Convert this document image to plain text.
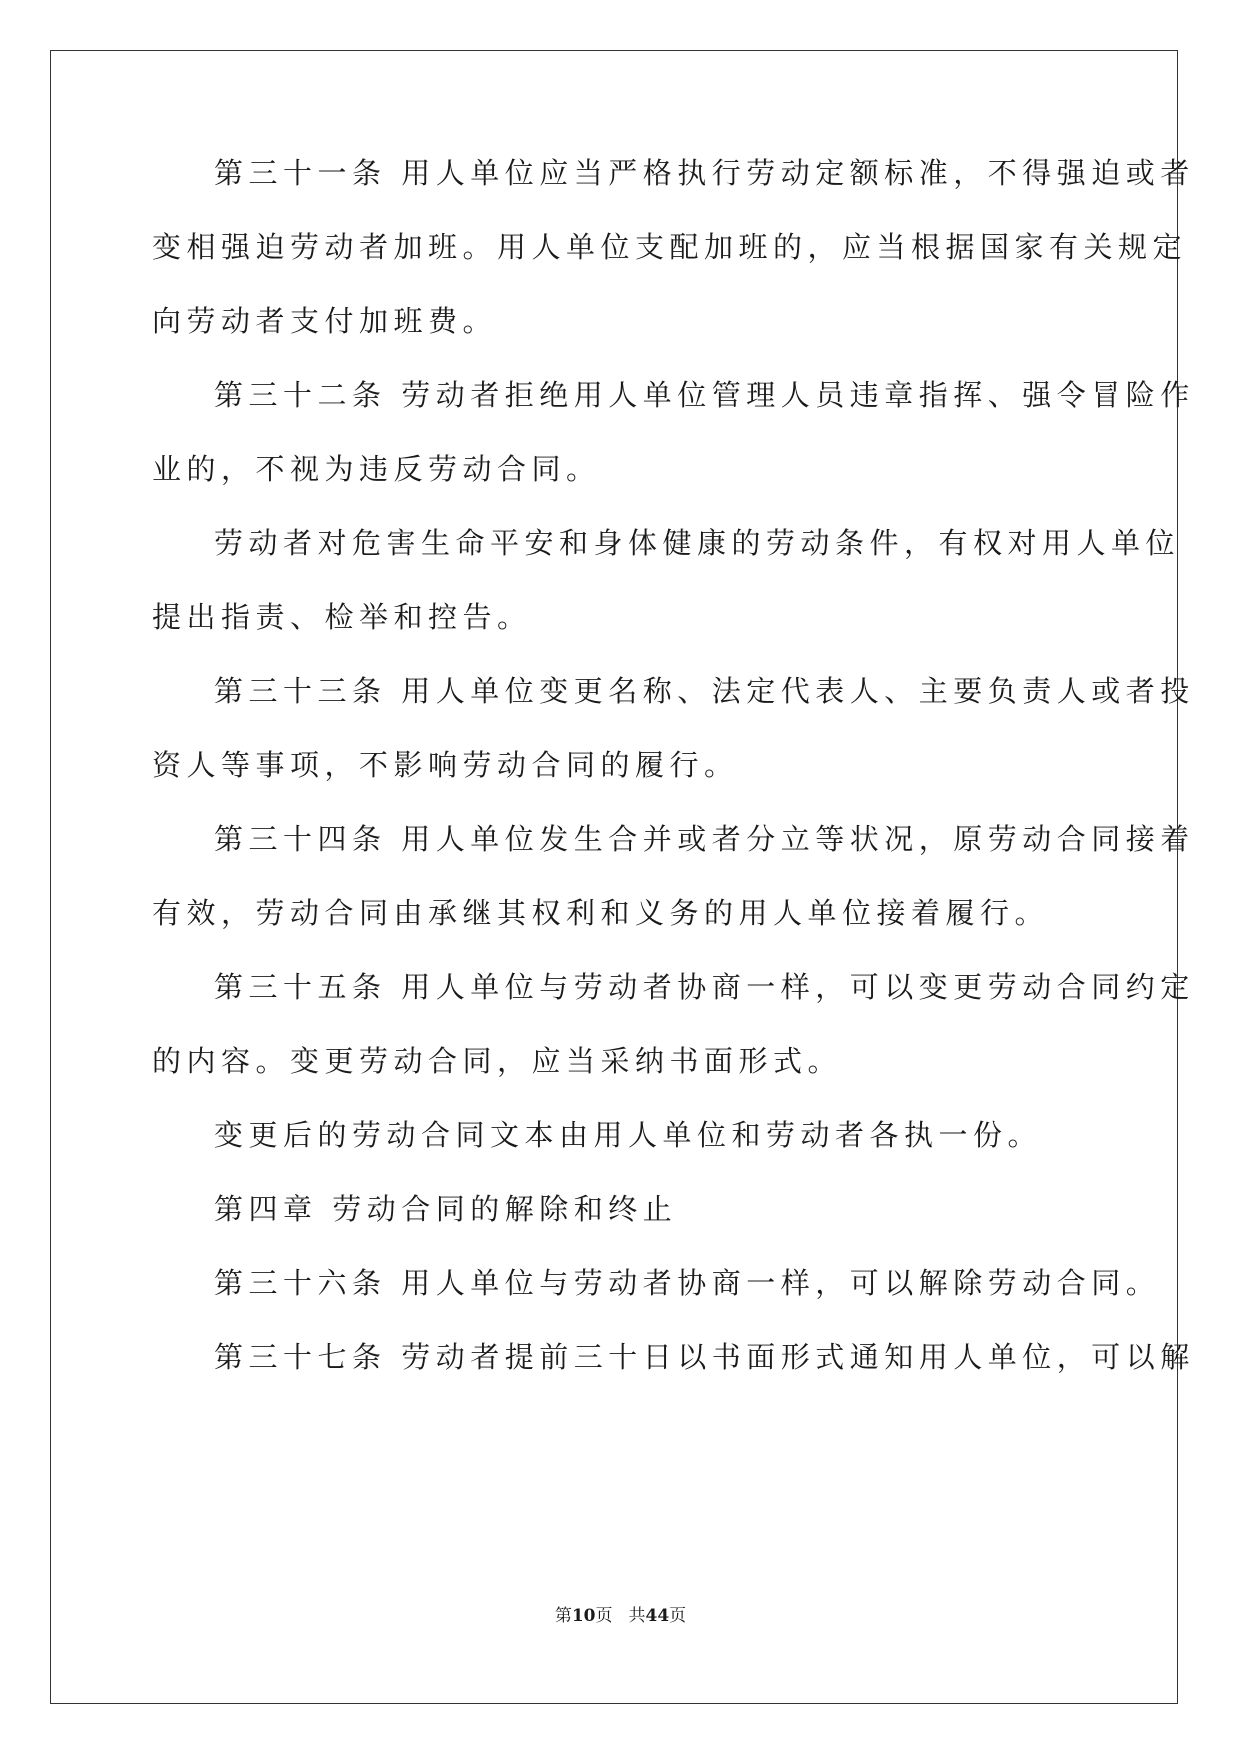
第三十一条 用人单位应当严格执行劳动定额标准，不得强迫或者

变相强迫劳动者加班。用人单位支配加班的，应当根据国家有关规定

向劳动者支付加班费。

第三十二条 劳动者拒绝用人单位管理人员违章指挥、强令冒险作

业的，不视为违反劳动合同。

劳动者对危害生命平安和身体健康的劳动条件，有权对用人单位

提出指责、检举和控告。

第三十三条 用人单位变更名称、法定代表人、主要负责人或者投

资人等事项，不影响劳动合同的履行。

第三十四条 用人单位发生合并或者分立等状况，原劳动合同接着

有效，劳动合同由承继其权利和义务的用人单位接着履行。

第三十五条 用人单位与劳动者协商一样，可以变更劳动合同约定

的内容。变更劳动合同，应当采纳书面形式。

变更后的劳动合同文本由用人单位和劳动者各执一份。

第四章 劳动合同的解除和终止

第三十六条 用人单位与劳动者协商一样，可以解除劳动合同。

第三十七条 劳动者提前三十日以书面形式通知用人单位，可以解

第10页 共44页
